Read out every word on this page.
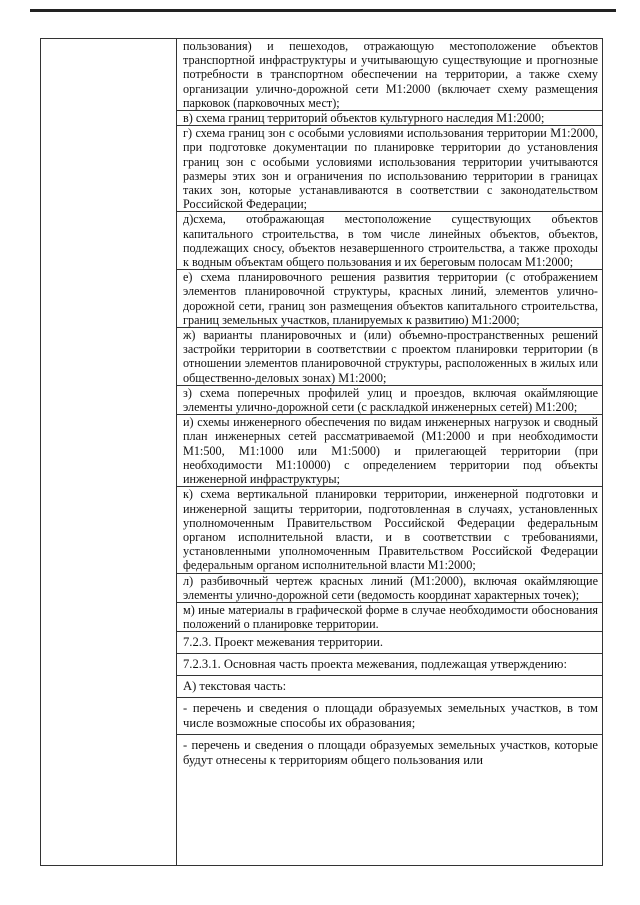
пользования) и пешеходов, отражающую местоположение объектов транспортной инфраструктуры и учитывающую существующие и прогнозные потребности в транспортном обеспечении на территории, а также схему организации улично-дорожной сети М1:2000 (включает схему размещения парковок (парковочных мест);
в) схема границ территорий объектов культурного наследия М1:2000;
г) схема границ зон с особыми условиями использования территории М1:2000, при подготовке документации по планировке территории до установления границ зон с особыми условиями использования территории учитываются размеры этих зон и ограничения по использованию территории в границах таких зон, которые устанавливаются в соответствии с законодательством Российской Федерации;
д)схема, отображающая местоположение существующих объектов капитального строительства, в том числе линейных объектов, объектов, подлежащих сносу, объектов незавершенного строительства, а также проходы к водным объектам общего пользования и их береговым полосам М1:2000;
е) схема планировочного решения развития территории (с отображением элементов планировочной структуры, красных линий, элементов улично-дорожной сети, границ зон размещения объектов капитального строительства, границ земельных участков, планируемых к развитию) М1:2000;
ж) варианты планировочных и (или) объемно-пространственных решений застройки территории в соответствии с проектом планировки территории (в отношении элементов планировочной структуры, расположенных в жилых или общественно-деловых зонах) М1:2000;
з) схема поперечных профилей улиц и проездов, включая окаймляющие элементы улично-дорожной сети (с раскладкой инженерных сетей) М1:200;
и) схемы инженерного обеспечения по видам инженерных нагрузок и сводный план инженерных сетей рассматриваемой (М1:2000 и при необходимости М1:500, М1:1000 или М1:5000) и прилегающей территории (при необходимости М1:10000) с определением территории под объекты инженерной инфраструктуры;
к) схема вертикальной планировки территории, инженерной подготовки и инженерной защиты территории, подготовленная в случаях, установленных уполномоченным Правительством Российской Федерации федеральным органом исполнительной власти, и в соответствии с требованиями, установленными уполномоченным Правительством Российской Федерации федеральным органом исполнительной власти М1:2000;
л) разбивочный чертеж красных линий (М1:2000), включая окаймляющие элементы улично-дорожной сети (ведомость координат характерных точек);
м) иные материалы в графической форме в случае необходимости обоснования положений о планировке территории.
7.2.3. Проект межевания территории.
7.2.3.1. Основная часть проекта межевания, подлежащая утверждению:
А) текстовая часть:
- перечень и сведения о площади образуемых земельных участков, в том числе возможные способы их образования;
- перечень и сведения о площади образуемых земельных участков, которые будут отнесены к территориям общего пользования или
